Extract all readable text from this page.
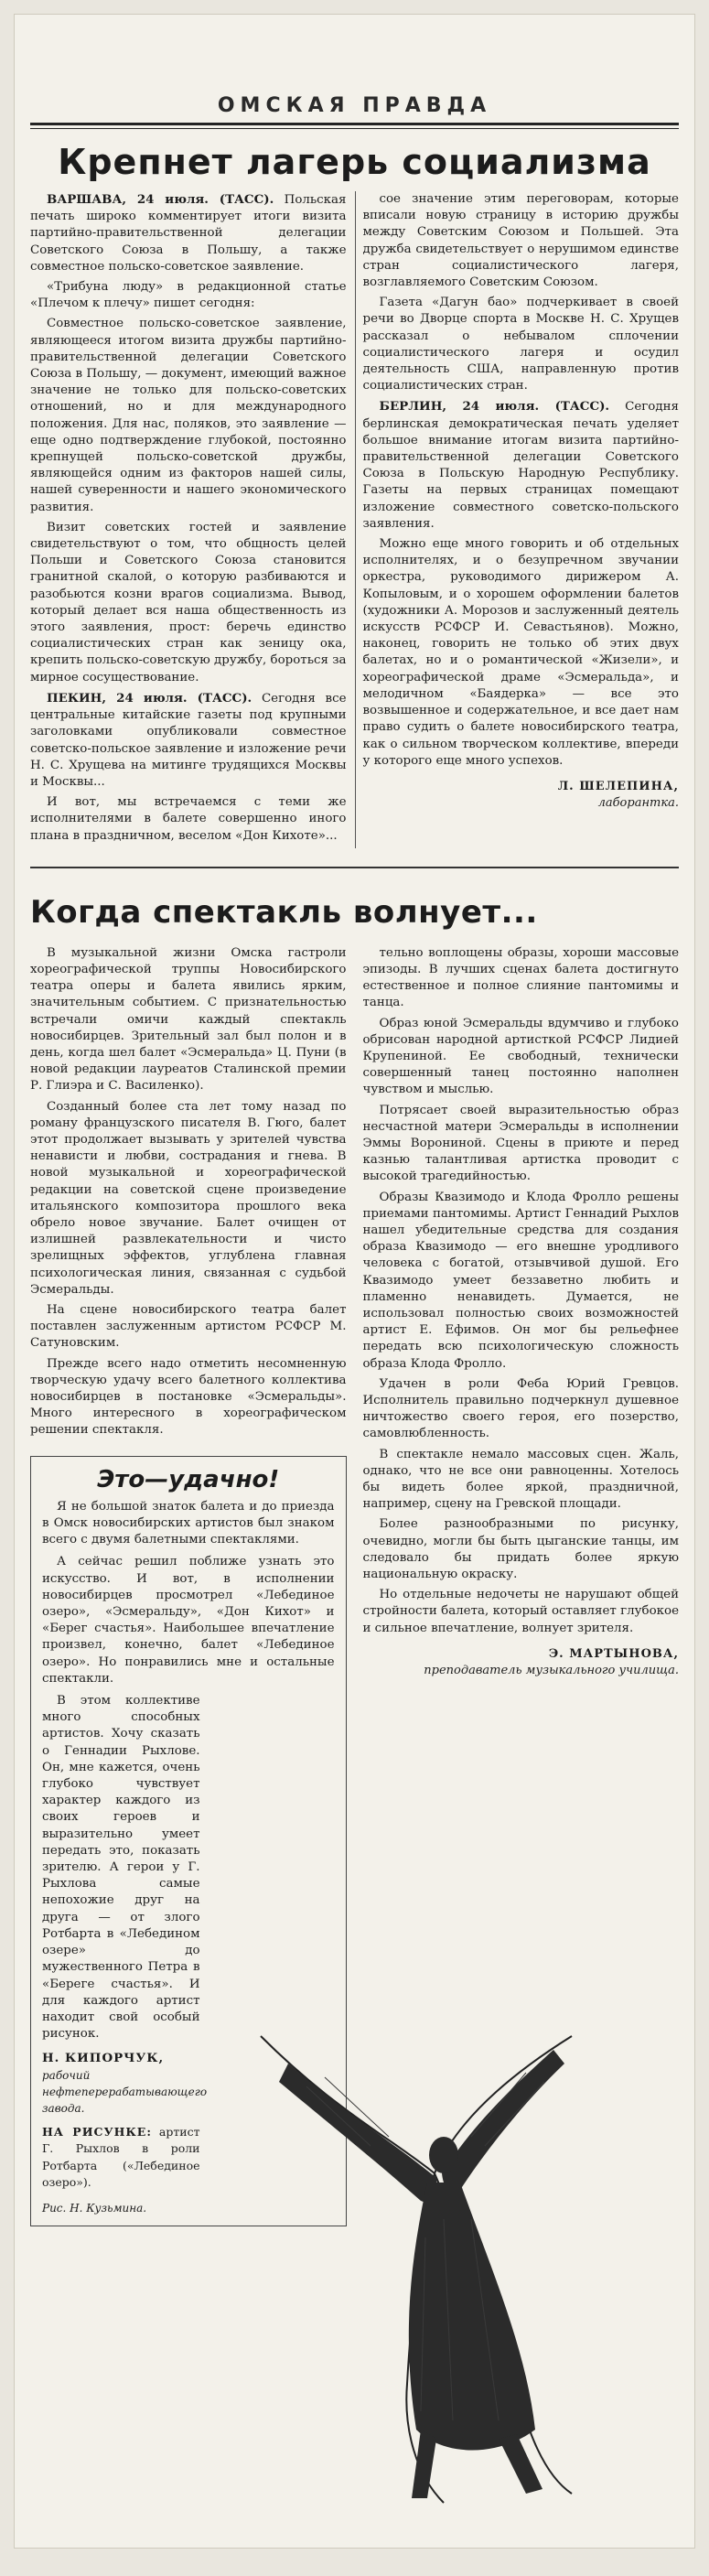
ОМСКАЯ ПРАВДА
Крепнет лагерь социализма

ВАРШАВА, 24 июля. (ТАСС). Польская печать широко комментирует итоги визита партийно-правительственной делегации Советского Союза в Польшу, а также совместное польско-советское заявление.

«Трибуна люду» в редакционной статье «Плечом к плечу» пишет сегодня:

Совместное польско-советское заявление, являющееся итогом визита дружбы партийно-правительственной делегации Советского Союза в Польшу, — документ, имеющий важное значение не только для польско-советских отношений, но и для международного положения. Для нас, поляков, это заявление — еще одно подтверждение глубокой, постоянно крепнущей польско-советской дружбы, являющейся одним из факторов нашей силы, нашей суверенности и нашего экономического развития.

Визит советских гостей и заявление свидетельствуют о том, что общность целей Польши и Советского Союза становится гранитной скалой, о которую разбиваются и разобьются козни врагов социализма. Вывод, который делает вся наша общественность из этого заявления, прост: беречь единство социалистических стран как зеницу ока, крепить польско-советскую дружбу, бороться за мирное сосуществование.

ПЕКИН, 24 июля. (ТАСС). Сегодня все центральные китайские газеты под крупными заголовками опубликовали совместное советско-польское заявление и изложение речи Н. С. Хрущева на митинге трудящихся Москвы и Москвы...

И вот, мы встречаемся с теми же исполнителями в балете совершенно иного плана в праздничном, веселом «Дон Кихоте»...

сое значение этим переговорам, которые вписали новую страницу в историю дружбы между Советским Союзом и Польшей. Эта дружба свидетельствует о нерушимом единстве стран социалистического лагеря, возглавляемого Советским Союзом.

Газета «Дагун бао» подчеркивает в своей речи во Дворце спорта в Москве Н. С. Хрущев рассказал о небывалом сплочении социалистического лагеря и осудил деятельность США, направленную против социалистических стран.

БЕРЛИН, 24 июля. (ТАСС). Сегодня берлинская демократическая печать уделяет большое внимание итогам визита партийно-правительственной делегации Советского Союза в Польскую Народную Республику. Газеты на первых страницах помещают изложение совместного советско-польского заявления.

Можно еще много говорить и об отдельных исполнителях, и о безупречном звучании оркестра, руководимого дирижером А. Копыловым, и о хорошем оформлении балетов (художники А. Морозов и заслуженный деятель искусств РСФСР И. Севастьянов). Можно, наконец, говорить не только об этих двух балетах, но и о романтической «Жизели», и хореографической драме «Эсмеральда», и мелодичном «Баядерка» — все это возвышенное и содержательное, и все дает нам право судить о балете новосибирского театра, как о сильном творческом коллективе, впереди у которого еще много успехов.

Л. ШЕЛЕПИНА,
лаборантка.
Когда спектакль волнует...

В музыкальной жизни Омска гастроли хореографической труппы Новосибирского театра оперы и балета явились ярким, значительным событием. С признательностью встречали омичи каждый спектакль новосибирцев. Зрительный зал был полон и в день, когда шел балет «Эсмеральда» Ц. Пуни (в новой редакции лауреатов Сталинской премии Р. Глиэра и С. Василенко).

Созданный более ста лет тому назад по роману французского писателя В. Гюго, балет этот продолжает вызывать у зрителей чувства ненависти и любви, сострадания и гнева. В новой музыкальной и хореографической редакции на советской сцене произведение итальянского композитора прошлого века обрело новое звучание. Балет очищен от излишней развлекательности и чисто зрелищных эффектов, углублена главная психологическая линия, связанная с судьбой Эсмеральды.

На сцене новосибирского театра балет поставлен заслуженным артистом РСФСР М. Сатуновским.

Прежде всего надо отметить несомненную творческую удачу всего балетного коллектива новосибирцев в постановке «Эсмеральды». Много интересного в хореографическом решении спектакля.

Это—удачно!

Я не большой знаток балета и до приезда в Омск новосибирских артистов был знаком всего с двумя балетными спектаклями.

А сейчас решил поближе узнать это искусство. И вот, в исполнении новосибирцев просмотрел «Лебединое озеро», «Эсмеральду», «Дон Кихот» и «Берег счастья». Наибольшее впечатление произвел, конечно, балет «Лебединое озеро». Но понравились мне и остальные спектакли.

В этом коллективе много способных артистов. Хочу сказать о Геннадии Рыхлове. Он, мне кажется, очень глубоко чувствует характер каждого из своих героев и выразительно умеет передать это, показать зрителю. А герои у Г. Рыхлова самые непохожие друг на друга — от злого Ротбарта в «Лебедином озере» до мужественного Петра в «Береге счастья». И для каждого артист находит свой особый рисунок.

Н. КИПОРЧУК,
рабочий нефтеперерабатывающего завода.
НА РИСУНКЕ: артист Г. Рыхлов в роли Ротбарта («Лебединое озеро»).
Рис. Н. Кузьмина.

тельно воплощены образы, хороши массовые эпизоды. В лучших сценах балета достигнуто естественное и полное слияние пантомимы и танца.

Образ юной Эсмеральды вдумчиво и глубоко обрисован народной артисткой РСФСР Лидией Крупениной. Ее свободный, технически совершенный танец постоянно наполнен чувством и мыслью.

Потрясает своей выразительностью образ несчастной матери Эсмеральды в исполнении Эммы Ворониной. Сцены в приюте и перед казнью талантливая артистка проводит с высокой трагедийностью.

Образы Квазимодо и Клода Фролло решены приемами пантомимы. Артист Геннадий Рыхлов нашел убедительные средства для создания образа Квазимодо — его внешне уродливого человека с богатой, отзывчивой душой. Его Квазимодо умеет беззаветно любить и пламенно ненавидеть. Думается, не использовал полностью своих возможностей артист Е. Ефимов. Он мог бы рельефнее передать всю психологическую сложность образа Клода Фролло.

Удачен в роли Феба Юрий Гревцов. Исполнитель правильно подчеркнул душевное ничтожество своего героя, его позерство, самовлюбленность.

В спектакле немало массовых сцен. Жаль, однако, что не все они равноценны. Хотелось бы видеть более яркой, праздничной, например, сцену на Гревской площади.

Более разнообразными по рисунку, очевидно, могли бы быть цыганские танцы, им следовало бы придать более яркую национальную окраску.

Но отдельные недочеты не нарушают общей стройности балета, который оставляет глубокое и сильное впечатление, волнует зрителя.

Э. МАРТЫНОВА,
преподаватель музыкального училища.
